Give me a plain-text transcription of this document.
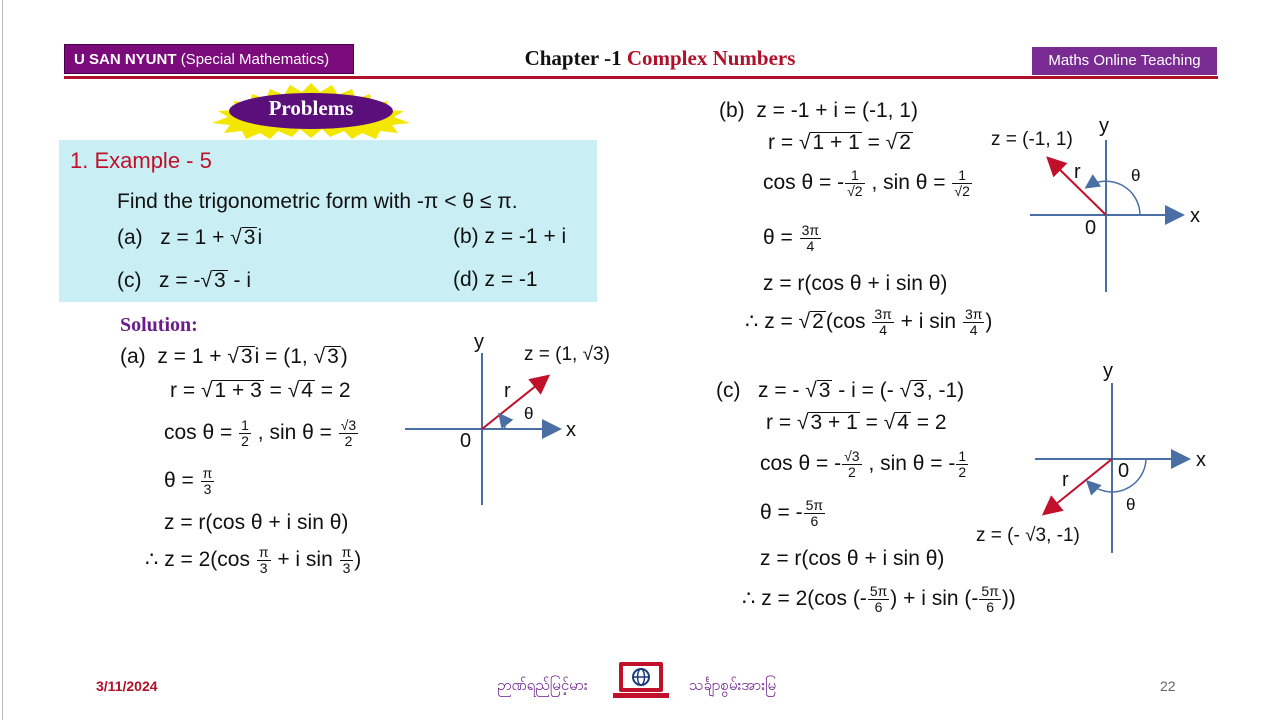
U SAN NYUNT (Special Mathematics)	Chapter -1 Complex Numbers	Maths Online Teaching
Problems
1. Example - 5
Find the trigonometric form with -π < θ ≤ π.
(a) z = 1 + √3i	(b) z = -1 + i
(c) z = -√3 - i	(d) z = -1
Solution:
(a)  z = 1 + √3i = (1, √3)
r = √1 + 3 = √4 = 2
$\cos \theta = \frac{1}{2}$ , $\sin \theta = \frac{√3}{2}$
$\theta = \frac{\pi}{3}$
z = r(cos θ + i sin θ)
∴ $z = 2(\cos \frac{\pi}{3} + i$ $\sin \frac{\pi}{3}$ )
y
x
0
r
θ
z = (1, √3)
(b)  z = -1 + i = (-1, 1)
r = √1 + 1 = √2
cos θ = - $\frac{1}{√2}$ , $\sin \theta = \frac{1}{√2}$
$\theta = \frac{3\pi}{4}$
z = r(cos θ + i sin θ)
∴ $z = √2(\cos \frac{3\pi}{4} + i$ $\sin \frac{3\pi}{4}$ )
y
x
0
r	θ
z = (-1, 1)
(c)   z = - √3 - i = (- √3, -1)
r = √3 + 1 = √4 = 2
cos θ = - $\frac{√3}{2}$ , sin θ = - $\frac{1}{2}$
θ = - $\frac{5\pi}{6}$
z = r(cos θ + i sin θ)
∴ z = 2(cos (- $\frac{5\pi}{6}$ ) + i sin (- $\frac{5\pi}{6}$ ))
y
x
0
r
θ
z = (- √3, -1)
3/11/2024	ဉာဏ်ရည်မြင့်မား	သင်္ချာစွမ်းအားမြ	22
